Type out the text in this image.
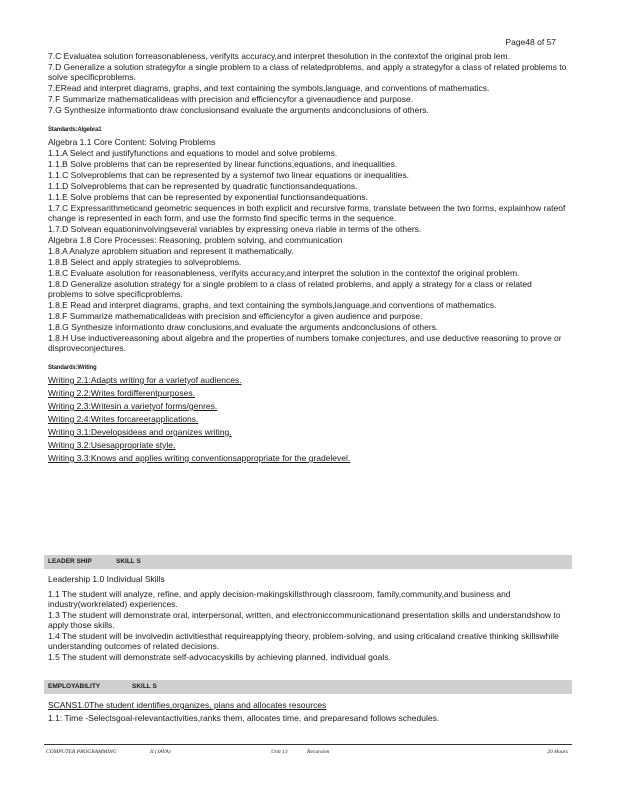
Page48 of 57
7.C Evaluatea solution forreasonableness, verifyits accuracy,and interpret thesolution in the contextof the original prob lem.
7.D Generalize a solution strategyfor a single problem to a class of relatedproblems, and apply a strategyfor a class of related problems to solve specificproblems.
7.ERead and interpret diagrams, graphs, and text containing the symbols,language, and conventions of mathematics.
7.F Summarize mathematicalideas with precision and efficiencyfor a givenaudience and purpose.
7.G Synthesize informationto draw conclusionsand evaluate the arguments andconclusions of others.
Standards:Algebra1
Algebra 1.1 Core Content: Solving Problems
1.1.A Select and justifyfunctions and equations to model and solve problems.
1.1.B Solve problems that can be represented by linear functions,equations, and inequalities.
1.1.C Solveproblems that can be represented by a systemof two linear equations or inequalities.
1.1.D Solveproblems that can be represented by quadratic functionsandequations.
1.1.E Solve problems that can be represented by exponential functionsandequations.
1.7.C Expressarithmeticand geometric sequences in both explicit and recursive forms, translate between the two forms, explainhow rateof change is represented in each form, and use the formsto find specific terms in the sequence.
1.7.D Solvean equationinvolvingseveral variables by expressing oneva riable in terms of the others.
Algebra 1.8 Core Processes: Reasoning, problem solving, and communication
1.8.A Analyze aproblem situation and represent it mathematically.
1.8.B Select and apply strategies to solveproblems.
1.8.C Evaluate asolution for reasonableness, verifyits accuracy,and interpret the solution in the contextof the original problem.
1.8.D Generalize asolution strategy for a single problem to a class of related problems, and apply a strategy for a class or related problems to solve specificproblems.
1.8.E Read and interpret diagrams, graphs, and text containing the symbols,language,and conventions of mathematics.
1.8.F Summarize mathematicalideas with precision and efficiencyfor a given audience and purpose.
1.8.G Synthesize informationto draw conclusions,and evaluate the arguments andconclusions of others.
1.8.H Use inductivereasoning about algebra and the properties of numbers tomake conjectures, and use deductive reasoning to prove or disproveconjectures.
Standards:Writing
Writing 2.1:Adapts writing for a varietyof audiences.
Writing 2.2:Writes fordifferentpurposes.
Writing 2.3:Writesin a varietyof forms/genres.
Writing 2.4:Writes forcareerapplications.
Writing 3.1:Developsideas and organizes writing.
Writing 3.2:Usesappropriate style.
Writing 3.3:Knows and applies writing conventionsappropriate for the gradelevel.
LEADER SHIP	SKILL S
Leadership 1.0 Individual Skills
1.1 The student will analyze, refine, and apply decision-makingskillsthrough classroom, family,community,and business and industry(workrelated) experiences.
1.3 The student will demonstrate oral, interpersonal, written, and electroniccommunicationand presentation skills and understandshow to apply those skills.
1.4 The student will be involvedin activitiesthat requireapplying theory, problem-solving, and using criticaland creative thinking skillswhile understanding outcomes of related decisions.
1.5 The student will demonstrate self-advocacyskills by achieving planned, individual goals.
EMPLOYABILITY	SKILL S
SCANS1.0The student identifies,organizes, plans and allocates resources
1.1: Time -Selectsgoal-relevantactivities,ranks them, allocates time, and preparesand follows schedules.
COMPUTER PROGRAMMING	II (JAVA)	Unit 13	Recursion	20 Hours
